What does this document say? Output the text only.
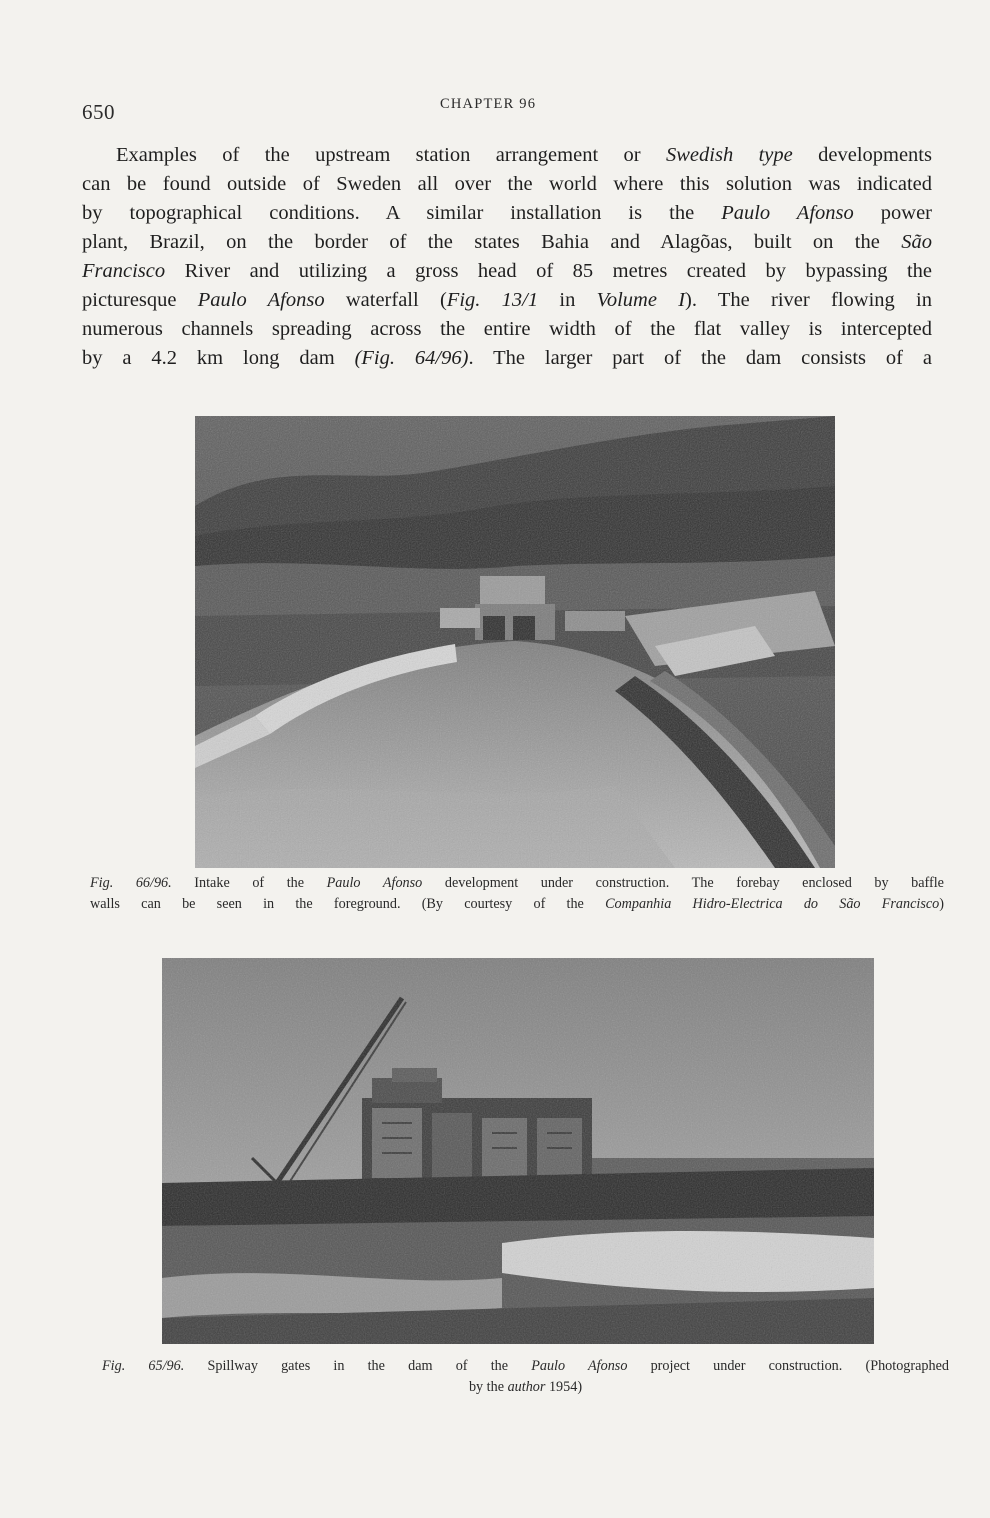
650	CHAPTER 96
Examples of the upstream station arrangement or Swedish type developments
can be found outside of Sweden all over the world where this solution was indicated
by topographical conditions. A similar installation is the Paulo Afonso power
plant, Brazil, on the border of the states Bahia and Alagõas, built on the São
Francisco River and utilizing a gross head of 85 metres created by bypassing the
picturesque Paulo Afonso waterfall (Fig. 13/1 in Volume I). The river flowing in
numerous channels spreading across the entire width of the flat valley is intercepted
by a 4.2 km long dam (Fig. 64/96). The larger part of the dam consists of a
Fig. 66/96. Intake of the Paulo Afonso development under construction. The forebay enclosed by baffle
walls can be seen in the foreground. (By courtesy of the Companhia Hidro-Electrica do São Francisco)
Fig. 65/96. Spillway gates in the dam of the Paulo Afonso project under construction. (Photographed
by the author 1954)
